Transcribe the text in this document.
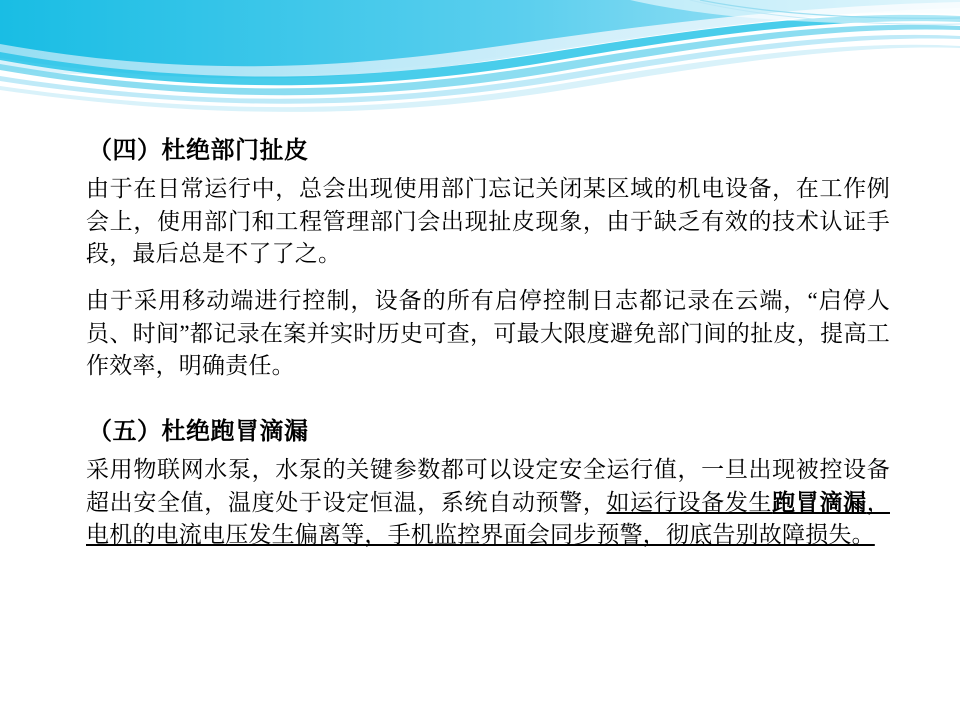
（四）杜绝部门扯皮

由于在日常运行中，总会出现使用部门忘记关闭某区域的机电设备，在工作例会上，使用部门和工程管理部门会出现扯皮现象，由于缺乏有效的技术认证手段，最后总是不了了之。

由于采用移动端进行控制，设备的所有启停控制日志都记录在云端，“启停人员、时间”都记录在案并实时历史可查，可最大限度避免部门间的扯皮，提高工作效率，明确责任。

（五）杜绝跑冒滴漏

采用物联网水泵，水泵的关键参数都可以设定安全运行值，一旦出现被控设备超出安全值，温度处于设定恒温，系统自动预警，如运行设备发生跑冒滴漏，电机的电流电压发生偏离等，手机监控界面会同步预警，彻底告别故障损失。
